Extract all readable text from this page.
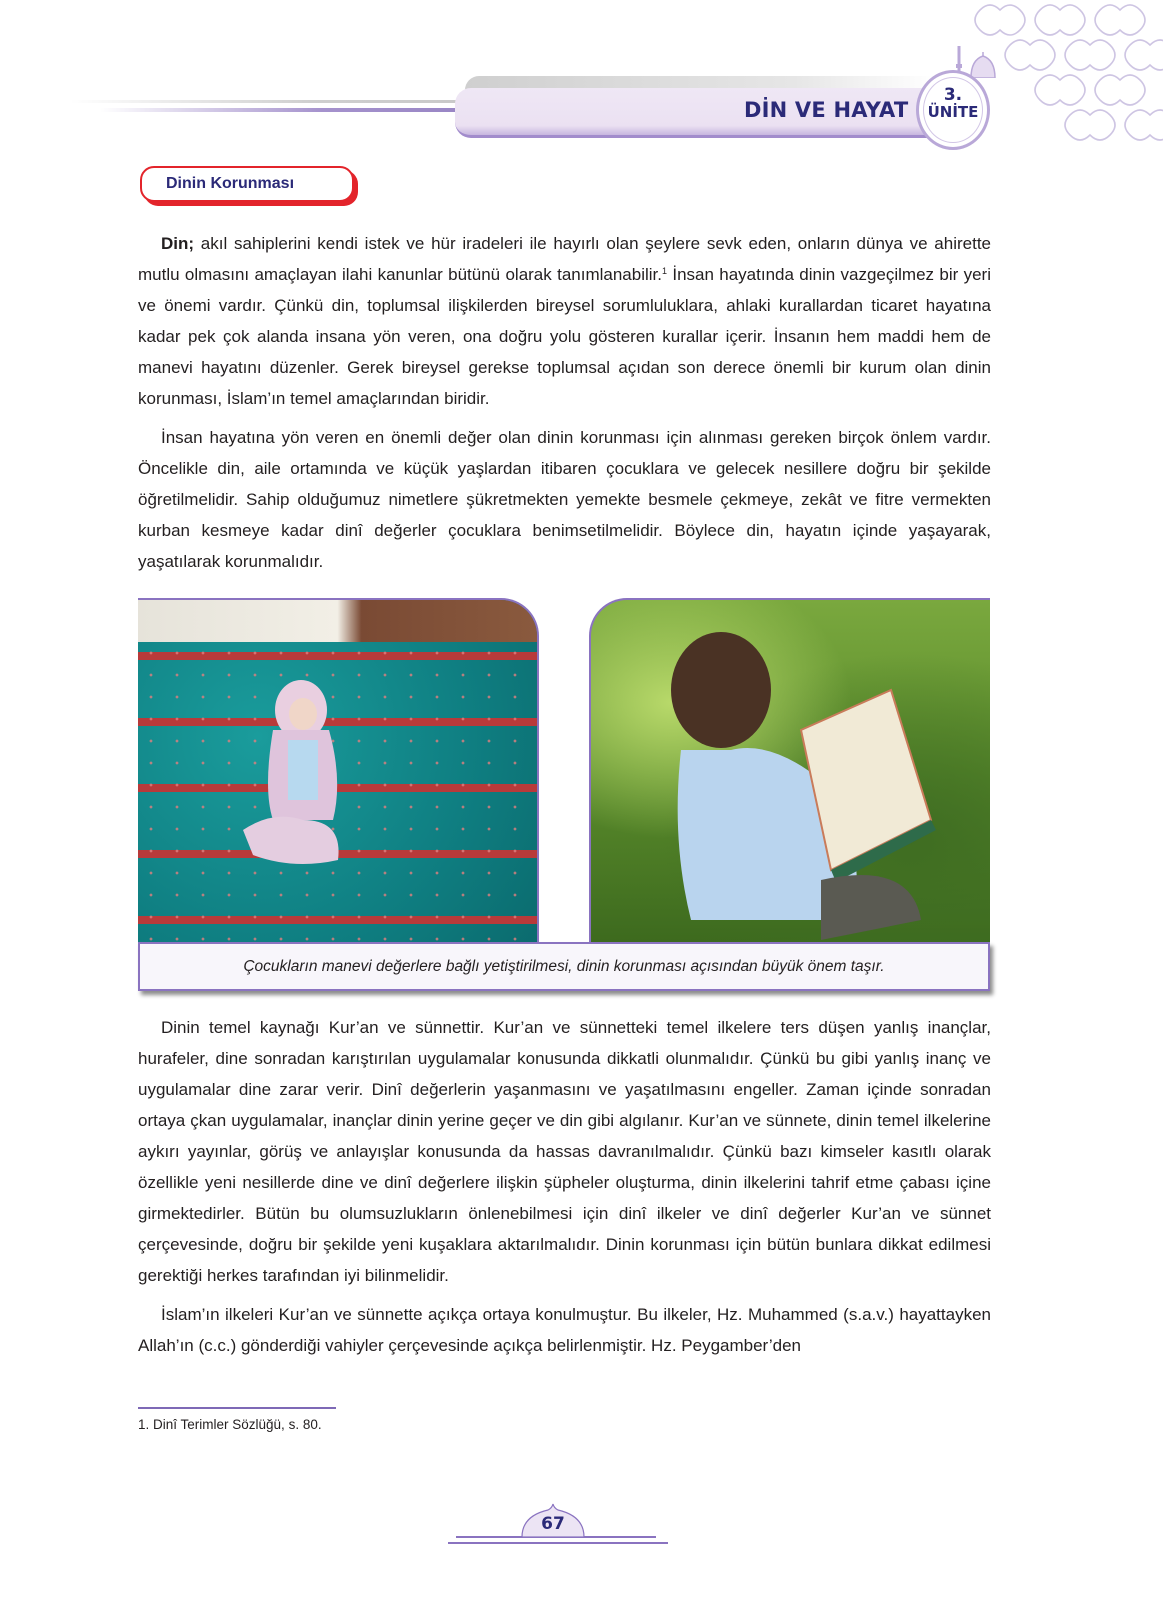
DİN VE HAYAT
3.
ÜNİTE
Dinin Korunması

Din; akıl sahiplerini kendi istek ve hür iradeleri ile hayırlı olan şeylere sevk eden, onların dünya ve ahirette mutlu olmasını amaçlayan ilahi kanunlar bütünü olarak tanımlanabilir.$^1$ İnsan hayatında dinin vazgeçilmez bir yeri ve önemi vardır. Çünkü din, toplumsal ilişkilerden bireysel sorumluluklara, ahlaki kurallardan ticaret hayatına kadar pek çok alanda insana yön veren, ona doğru yolu gösteren kurallar içerir. İnsanın hem maddi hem de manevi hayatını düzenler. Gerek bireysel gerekse toplumsal açıdan son derece önemli bir kurum olan dinin korunması, İslam’ın temel amaçlarından biridir.

İnsan hayatına yön veren en önemli değer olan dinin korunması için alınması gereken birçok önlem vardır. Öncelikle din, aile ortamında ve küçük yaşlardan itibaren çocuklara ve gelecek nesillere doğru bir şekilde öğretilmelidir. Sahip olduğumuz nimetlere şükretmekten yemekte besmele çekmeye, zekât ve fitre vermekten kurban kesmeye kadar dinî değerler çocuklara benimsetilmelidir. Böylece din, hayatın içinde yaşayarak, yaşatılarak korunmalıdır.

Çocukların manevi değerlere bağlı yetiştirilmesi, dinin korunması açısından büyük önem taşır.

Dinin temel kaynağı Kur’an ve sünnettir. Kur’an ve sünnetteki temel ilkelere ters düşen yanlış inançlar, hurafeler, dine sonradan karıştırılan uygulamalar konusunda dikkatli olunmalıdır. Çünkü bu gibi yanlış inanç ve uygulamalar dine zarar verir. Dinî değerlerin yaşanmasını ve yaşatılmasını engeller. Zaman içinde sonradan ortaya çkan uygulamalar, inançlar dinin yerine geçer ve din gibi algılanır. Kur’an ve sünnete, dinin temel ilkelerine aykırı yayınlar, görüş ve anlayışlar konusunda da hassas davranılmalıdır. Çünkü bazı kimseler kasıtlı olarak özellikle yeni nesillerde dine ve dinî değerlere ilişkin şüpheler oluşturma, dinin ilkelerini tahrif etme çabası içine girmektedirler. Bütün bu olumsuzlukların önlenebilmesi için dinî ilkeler ve dinî değerler Kur’an ve sünnet çerçevesinde, doğru bir şekilde yeni kuşaklara aktarılmalıdır. Dinin korunması için bütün bunlara dikkat edilmesi gerektiği herkes tarafından iyi bilinmelidir.

İslam’ın ilkeleri Kur’an ve sünnette açıkça ortaya konulmuştur. Bu ilkeler, Hz. Muhammed (s.a.v.) hayattayken Allah’ın (c.c.) gönderdiği vahiyler çerçevesinde açıkça belirlenmiştir. Hz. Peygamber’den

1. Dinî Terimler Sözlüğü, s. 80.
67
